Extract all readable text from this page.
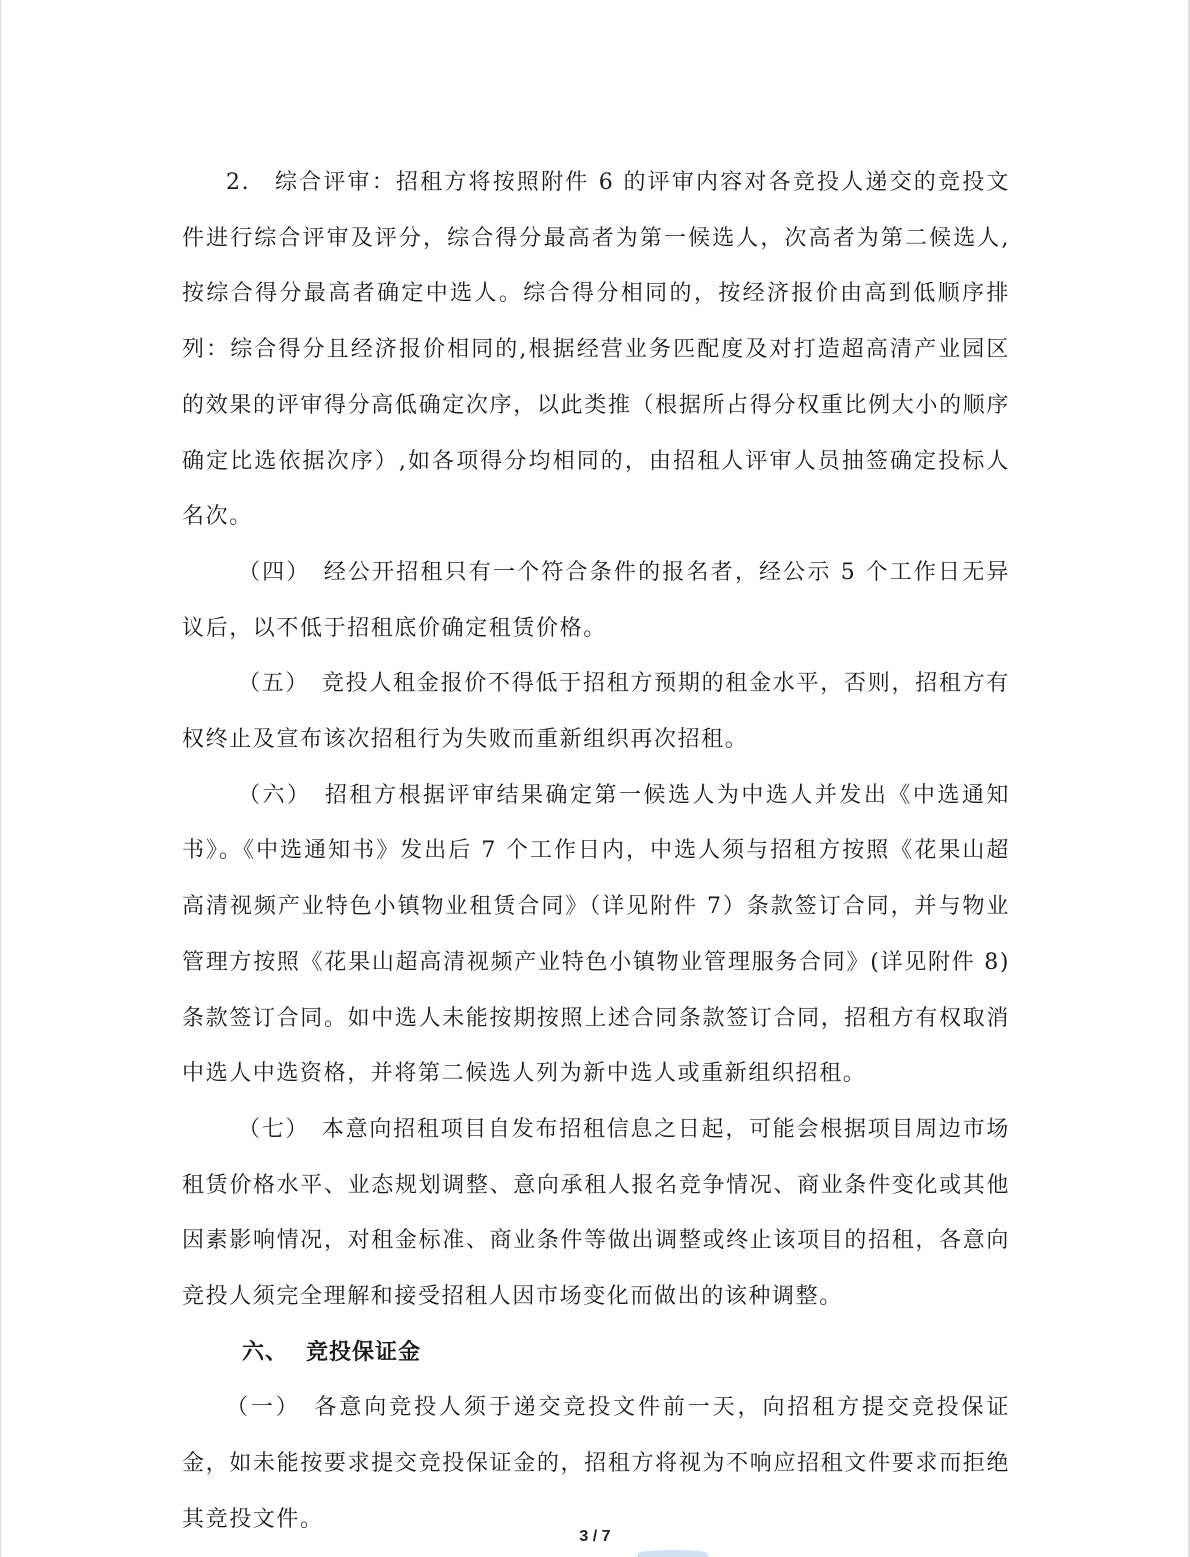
2.　综合评审：招租方将按照附件 6 的评审内容对各竞投人递交的竞投文件进行综合评审及评分，综合得分最高者为第一候选人，次高者为第二候选人,按综合得分最高者确定中选人。综合得分相同的，按经济报价由高到低顺序排列：综合得分且经济报价相同的,根据经营业务匹配度及对打造超高清产业园区的效果的评审得分高低确定次序，以此类推（根据所占得分权重比例大小的顺序确定比选依据次序）,如各项得分均相同的，由招租人评审人员抽签确定投标人名次。

（四）　经公开招租只有一个符合条件的报名者，经公示 5 个工作日无异议后，以不低于招租底价确定租赁价格。

（五）　竞投人租金报价不得低于招租方预期的租金水平，否则，招租方有权终止及宣布该次招租行为失败而重新组织再次招租。

（六）　招租方根据评审结果确定第一候选人为中选人并发出《中选通知书》。《中选通知书》发出后 7 个工作日内，中选人须与招租方按照《花果山超高清视频产业特色小镇物业租赁合同》（详见附件 7）条款签订合同，并与物业管理方按照《花果山超高清视频产业特色小镇物业管理服务合同》(详见附件 8)条款签订合同。如中选人未能按期按照上述合同条款签订合同，招租方有权取消中选人中选资格，并将第二候选人列为新中选人或重新组织招租。

（七）　本意向招租项目自发布招租信息之日起，可能会根据项目周边市场租赁价格水平、业态规划调整、意向承租人报名竞争情况、商业条件变化或其他因素影响情况，对租金标准、商业条件等做出调整或终止该项目的招租，各意向竞投人须完全理解和接受招租人因市场变化而做出的该种调整。

六、 竞投保证金

（一）　各意向竞投人须于递交竞投文件前一天，向招租方提交竞投保证金，如未能按要求提交竞投保证金的，招租方将视为不响应招租文件要求而拒绝其竞投文件。

3 / 7
